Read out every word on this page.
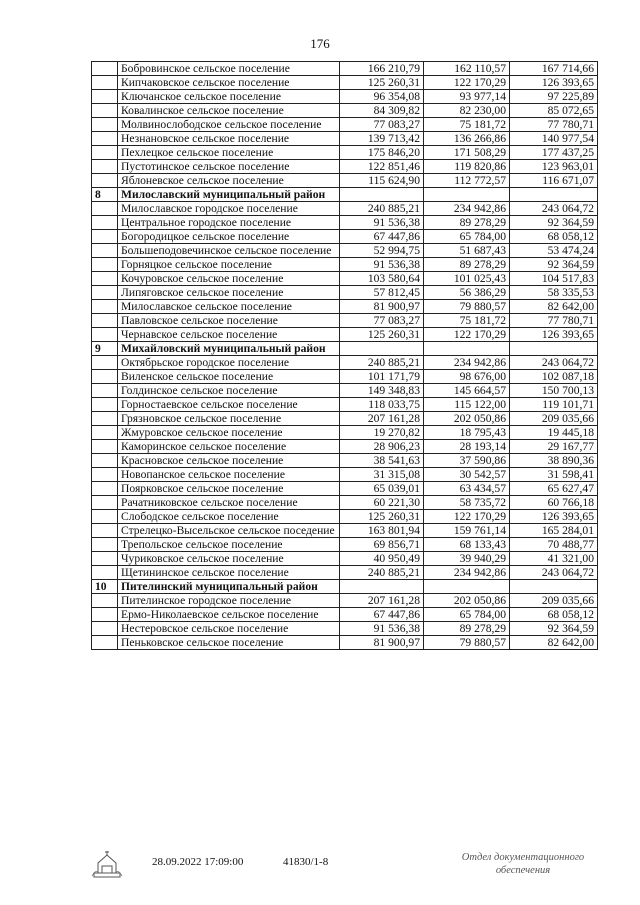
176
	Бобровинское сельское поселение	166 210,79	162 110,57	167 714,66
	Кипчаковское сельское поселение	125 260,31	122 170,29	126 393,65
	Ключанское сельское поселение	96 354,08	93 977,14	97 225,89
	Ковалинское сельское поселение	84 309,82	82 230,00	85 072,65
	Молвинослободское сельское поселение	77 083,27	75 181,72	77 780,71
	Незнановское сельское поселение	139 713,42	136 266,86	140 977,54
	Пехлецкое сельское поселение	175 846,20	171 508,29	177 437,25
	Пустотинское сельское поселение	122 851,46	119 820,86	123 963,01
	Яблоневское сельское поселение	115 624,90	112 772,57	116 671,07
8	Милославский муниципальный район			
	Милославское городское поселение	240 885,21	234 942,86	243 064,72
	Центральное городское поселение	91 536,38	89 278,29	92 364,59
	Богородицкое сельское поселение	67 447,86	65 784,00	68 058,12
	Большеподовечинское сельское поселение	52 994,75	51 687,43	53 474,24
	Горняцкое сельское поселение	91 536,38	89 278,29	92 364,59
	Кочуровское сельское поселение	103 580,64	101 025,43	104 517,83
	Липяговское сельское поселение	57 812,45	56 386,29	58 335,53
	Милославское сельское поселение	81 900,97	79 880,57	82 642,00
	Павловское сельское поселение	77 083,27	75 181,72	77 780,71
	Чернавское сельское поселение	125 260,31	122 170,29	126 393,65
9	Михайловский муниципальный район			
	Октябрьское городское поселение	240 885,21	234 942,86	243 064,72
	Виленское сельское поселение	101 171,79	98 676,00	102 087,18
	Голдинское сельское поселение	149 348,83	145 664,57	150 700,13
	Горностаевское сельское поселение	118 033,75	115 122,00	119 101,71
	Грязновское сельское поселение	207 161,28	202 050,86	209 035,66
	Жмуровское сельское поселение	19 270,82	18 795,43	19 445,18
	Каморинское сельское поселение	28 906,23	28 193,14	29 167,77
	Красновское сельское поселение	38 541,63	37 590,86	38 890,36
	Новопанское сельское поселение	31 315,08	30 542,57	31 598,41
	Поярковское сельское поселение	65 039,01	63 434,57	65 627,47
	Рачатниковское сельское поселение	60 221,30	58 735,72	60 766,18
	Слободское сельское поселение	125 260,31	122 170,29	126 393,65
	Стрелецко-Высельское сельское поседение	163 801,94	159 761,14	165 284,01
	Трепольское сельское поселение	69 856,71	68 133,43	70 488,77
	Чуриковское сельское поселение	40 950,49	39 940,29	41 321,00
	Щетининское сельское поселение	240 885,21	234 942,86	243 064,72
10	Пителинский муниципальный район			
	Пителинское городское поселение	207 161,28	202 050,86	209 035,66
	Ермо-Николаевское сельское поселение	67 447,86	65 784,00	68 058,12
	Нестеровское сельское поселение	91 536,38	89 278,29	92 364,59
	Пеньковское сельское поселение	81 900,97	79 880,57	82 642,00
28.09.2022 17:09:00	41830/1-8	Отдел документационного
обеспечения
